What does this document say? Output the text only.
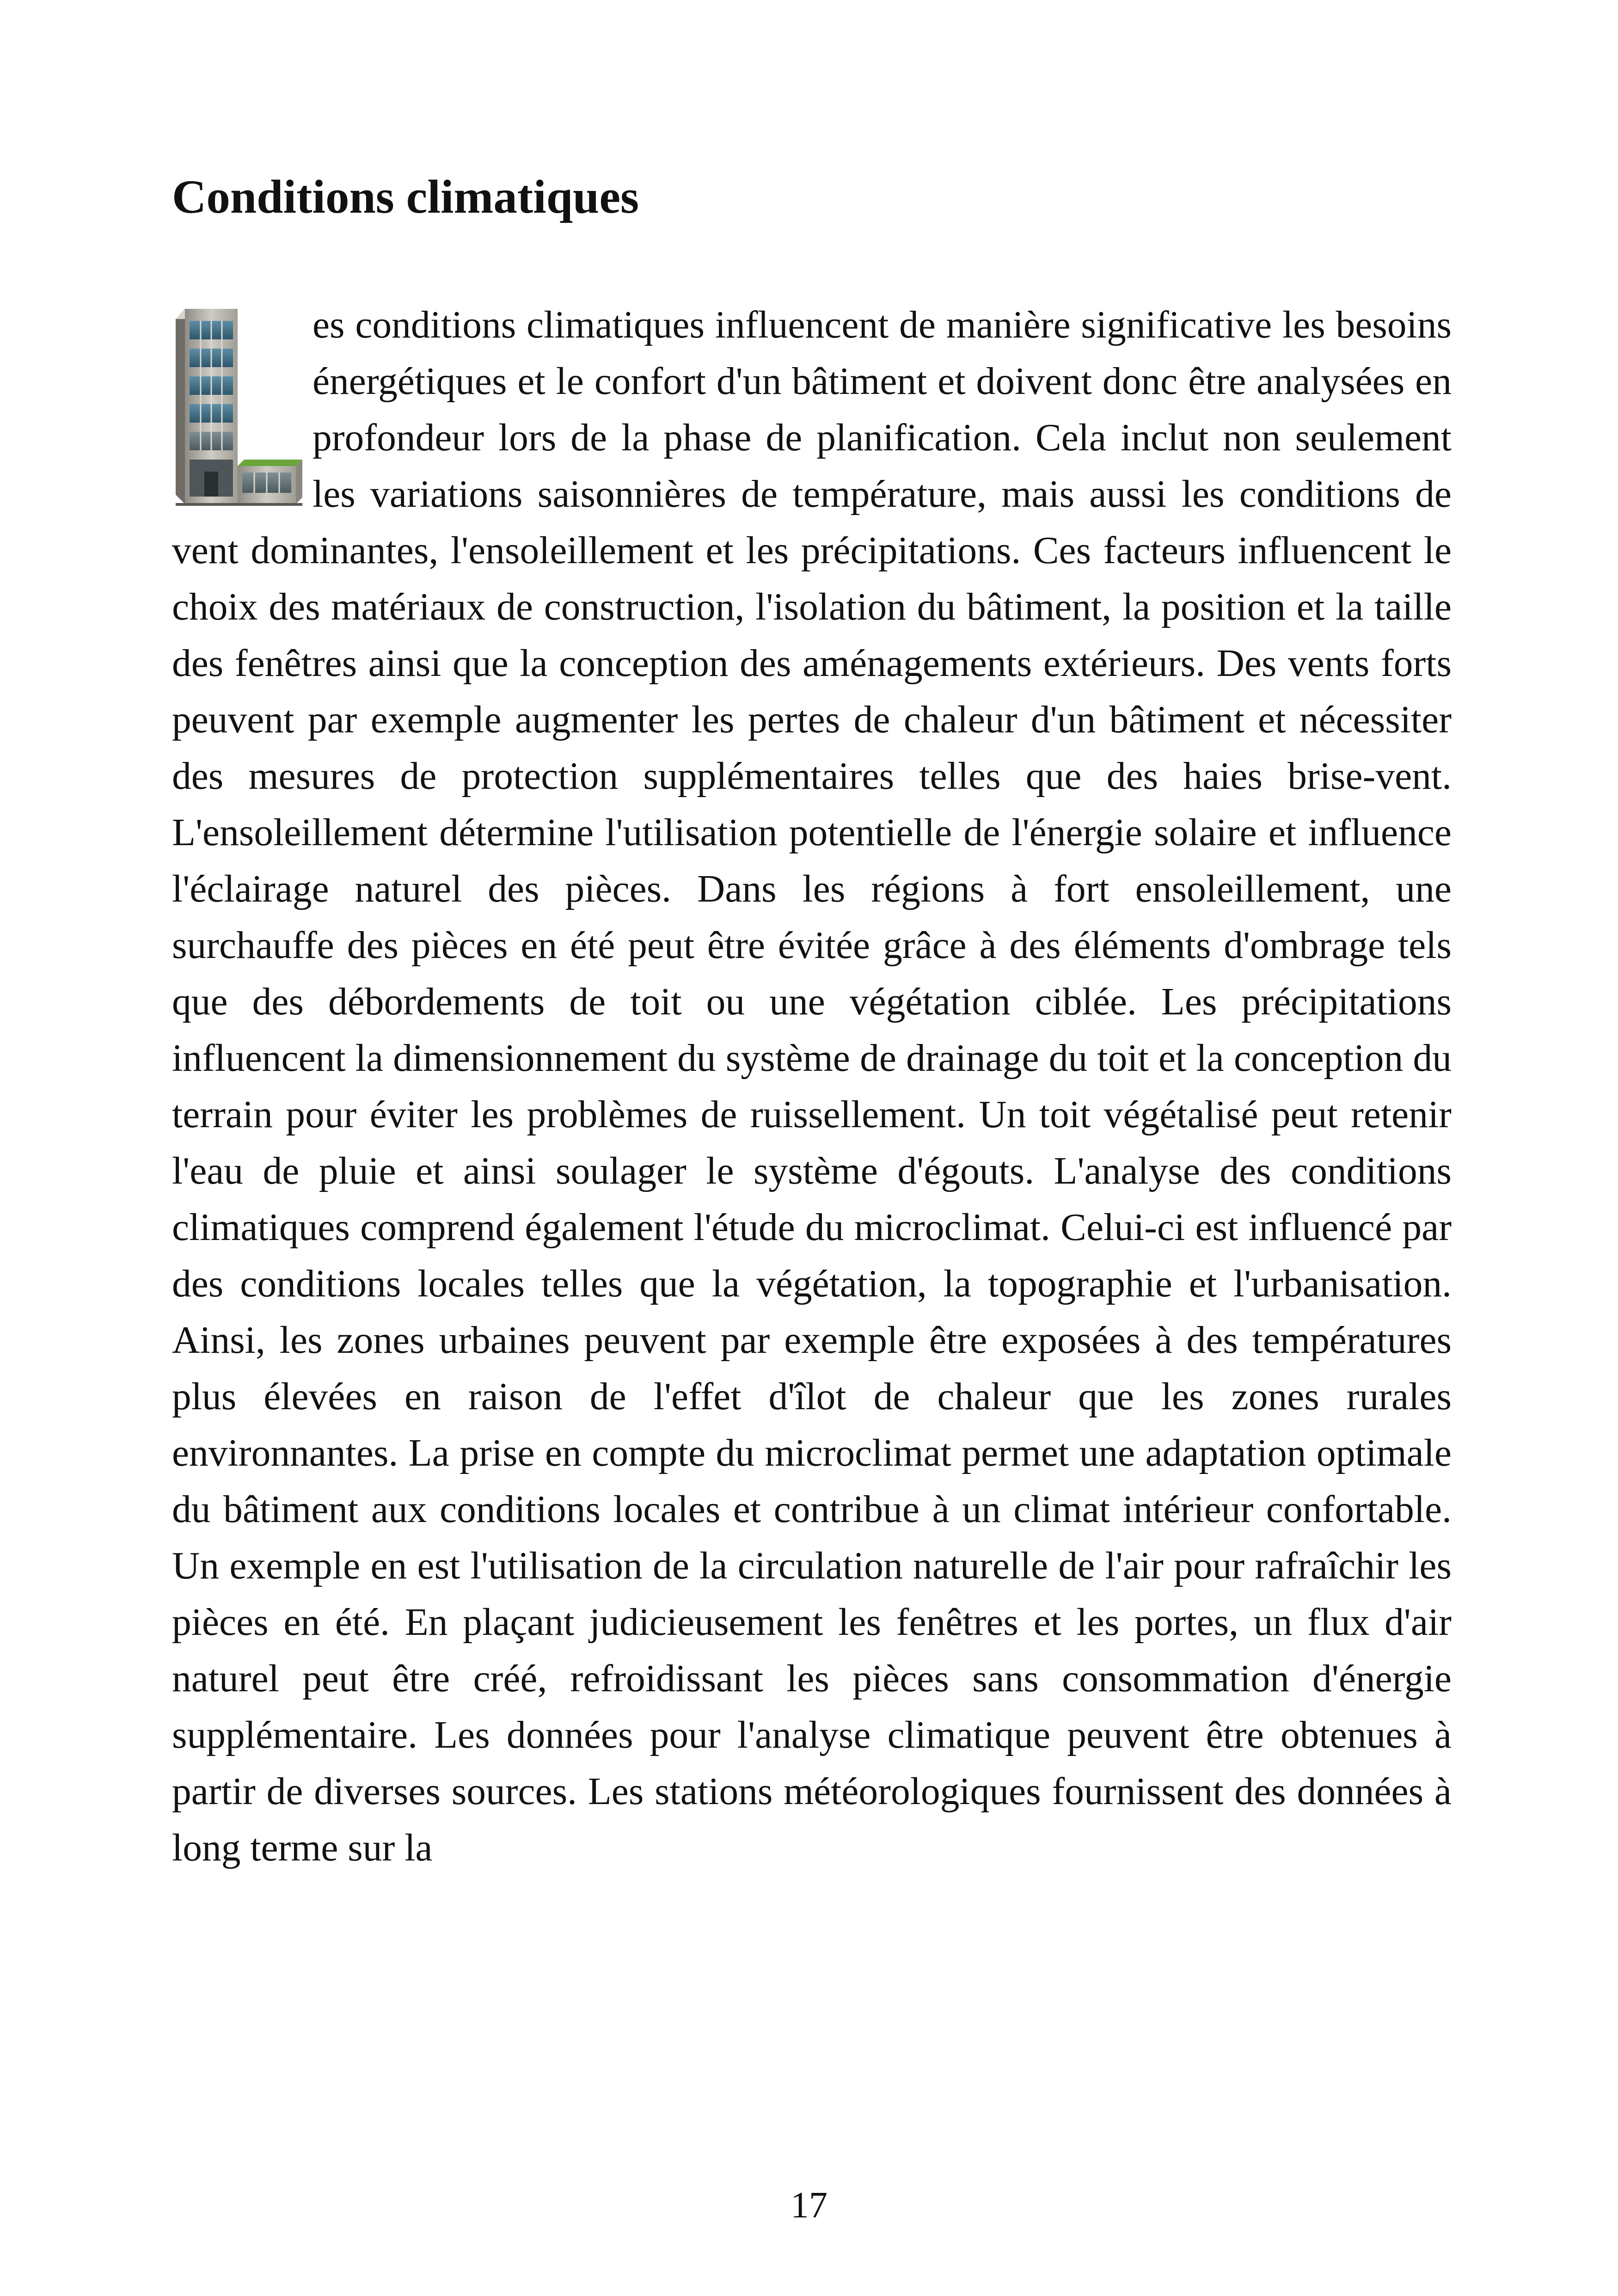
Conditions climatiques

es conditions climatiques influencent de manière significative les besoins énergétiques et le confort d'un bâtiment et doivent donc être analysées en profondeur lors de la phase de planification. Cela inclut non seulement les variations saisonnières de température, mais aussi les conditions de vent dominantes, l'ensoleillement et les précipitations. Ces facteurs influencent le choix des matériaux de construction, l'isolation du bâtiment, la position et la taille des fenêtres ainsi que la conception des aménagements extérieurs. Des vents forts peuvent par exemple augmenter les pertes de chaleur d'un bâtiment et nécessiter des mesures de protection supplémentaires telles que des haies brise-vent. L'ensoleillement détermine l'utilisation potentielle de l'énergie solaire et influence l'éclairage naturel des pièces. Dans les régions à fort ensoleillement, une surchauffe des pièces en été peut être évitée grâce à des éléments d'ombrage tels que des débordements de toit ou une végétation ciblée. Les précipitations influencent la dimensionnement du système de drainage du toit et la conception du terrain pour éviter les problèmes de ruissellement. Un toit végétalisé peut retenir l'eau de pluie et ainsi soulager le système d'égouts. L'analyse des conditions climatiques comprend également l'étude du microclimat. Celui-ci est influencé par des conditions locales telles que la végétation, la topographie et l'urbanisation. Ainsi, les zones urbaines peuvent par exemple être exposées à des températures plus élevées en raison de l'effet d'îlot de chaleur que les zones rurales environnantes. La prise en compte du microclimat permet une adaptation optimale du bâtiment aux conditions locales et contribue à un climat intérieur confortable. Un exemple en est l'utilisation de la circulation naturelle de l'air pour rafraîchir les pièces en été. En plaçant judicieusement les fenêtres et les portes, un flux d'air naturel peut être créé, refroidissant les pièces sans consommation d'énergie supplémentaire. Les données pour l'analyse climatique peuvent être obtenues à partir de diverses sources. Les stations météorologiques fournissent des données à long terme sur la

17
